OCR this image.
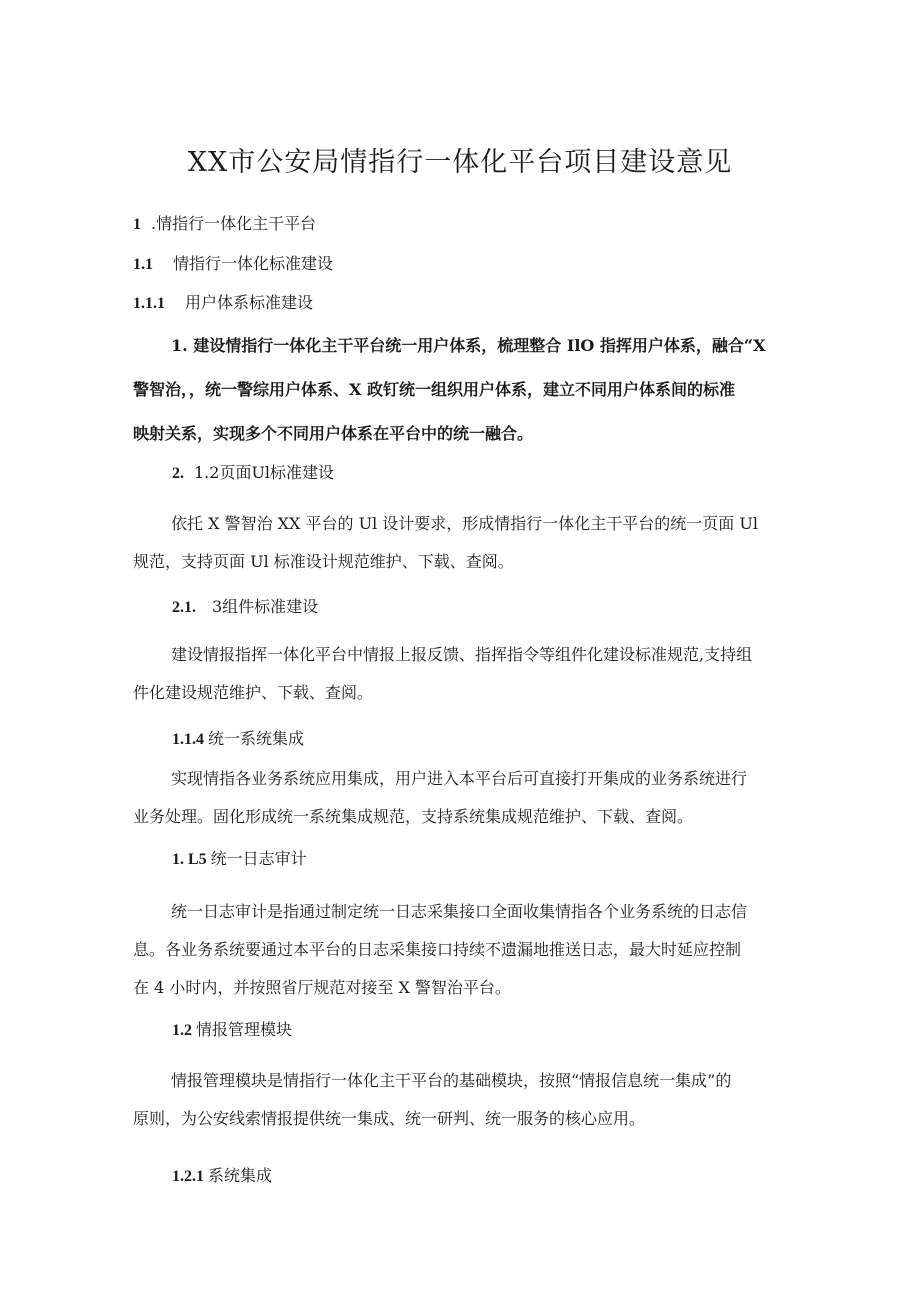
XX市公安局情指行一体化平台项目建设意见
1 .情指行一体化主干平台
1.1 情指行一体化标准建设
1.1.1 用户体系标准建设
1. 建设情指行一体化主干平台统一用户体系，梳理整合 IlO 指挥用户体系，融合“X
警智治，，统一警综用户体系、X 政钉统一组织用户体系，建立不同用户体系间的标准
映射关系，实现多个不同用户体系在平台中的统一融合。
2. 1.2页面Ul标准建设
依托 X 警智治 XX 平台的 Ul 设计要求，形成情指行一体化主干平台的统一页面 Ul
规范，支持页面 Ul 标准设计规范维护、下载、查阅。
2.1. 3组件标准建设
建设情报指挥一体化平台中情报上报反馈、指挥指令等组件化建设标准规范,支持组
件化建设规范维护、下载、查阅。
1.1.4 统一系统集成
实现情指各业务系统应用集成，用户进入本平台后可直接打开集成的业务系统进行
业务处理。固化形成统一系统集成规范，支持系统集成规范维护、下载、查阅。
1. L5 统一日志审计
统一日志审计是指通过制定统一日志采集接口全面收集情指各个业务系统的日志信
息。各业务系统要通过本平台的日志采集接口持续不遗漏地推送日志，最大时延应控制
在 4 小时内，并按照省厅规范对接至 X 警智治平台。
1.2 情报管理模块
情报管理模块是情指行一体化主干平台的基础模块，按照“情报信息统一集成”的
原则，为公安线索情报提供统一集成、统一研判、统一服务的核心应用。
1.2.1 系统集成
